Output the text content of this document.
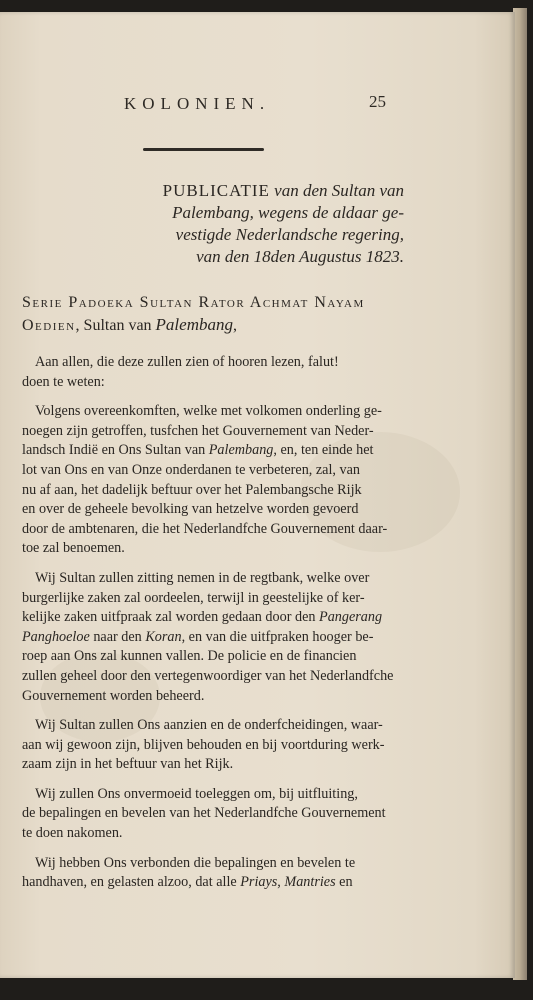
KOLONIEN.	25
PUBLICATIE van den Sultan van
Palembang, wegens de aldaar ge-
vestigde Nederlandsche regering,
van den 18den Augustus 1823.
Serie Padoeka Sultan Rator Achmat Nayam
Oedien, Sultan van Palembang,
Aan allen, die deze zullen zien of hooren lezen, falut!
doen te weten:
Volgens overeenkomften, welke met volkomen onderling ge-
noegen zijn getroffen, tusfchen het Gouvernement van Neder-
landsch Indië en Ons Sultan van Palembang, en, ten einde het
lot van Ons en van Onze onderdanen te verbeteren, zal, van
nu af aan, het dadelijk beftuur over het Palembangsche Rijk
en over de geheele bevolking van hetzelve worden gevoerd
door de ambtenaren, die het Nederlandfche Gouvernement daar-
toe zal benoemen.
Wij Sultan zullen zitting nemen in de regtbank, welke over
burgerlijke zaken zal oordeelen, terwijl in geestelijke of ker-
kelijke zaken uitfpraak zal worden gedaan door den Pangerang
Panghoeloe naar den Koran, en van die uitfpraken hooger be-
roep aan Ons zal kunnen vallen. De policie en de financien
zullen geheel door den vertegenwoordiger van het Nederlandfche
Gouvernement worden beheerd.
Wij Sultan zullen Ons aanzien en de onderfcheidingen, waar-
aan wij gewoon zijn, blijven behouden en bij voortduring werk-
zaam zijn in het beftuur van het Rijk.
Wij zullen Ons onvermoeid toeleggen om, bij uitfluiting,
de bepalingen en bevelen van het Nederlandfche Gouvernement
te doen nakomen.
Wij hebben Ons verbonden die bepalingen en bevelen te
handhaven, en gelasten alzoo, dat alle Priays, Mantries en
